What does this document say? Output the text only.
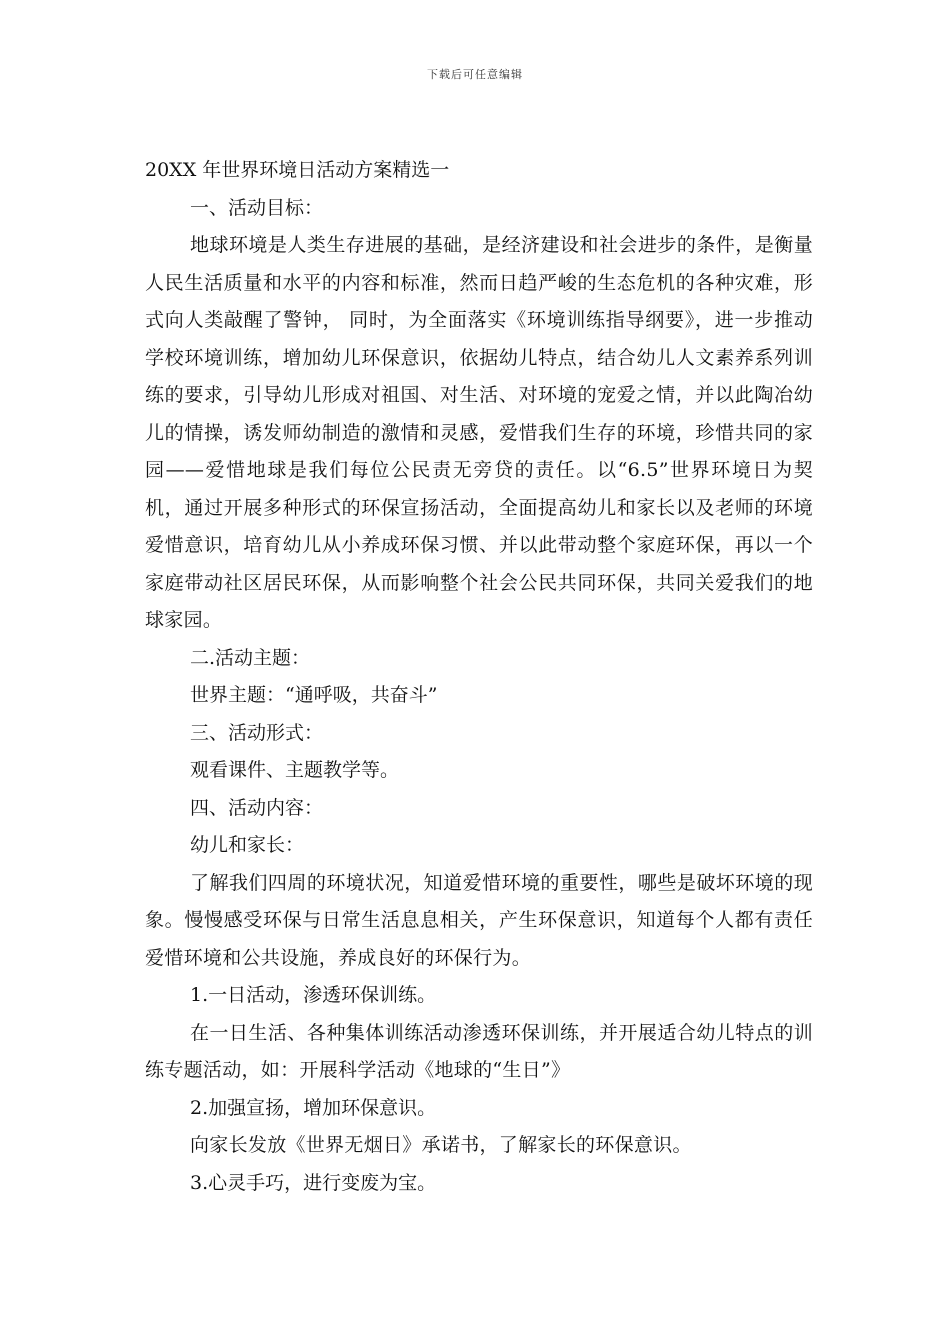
下载后可任意编辑

20XX 年世界环境日活动方案精选一

一、活动目标：

地球环境是人类生存进展的基础，是经济建设和社会进步的条件，是衡量人民生活质量和水平的内容和标准，然而日趋严峻的生态危机的各种灾难，形式向人类敲醒了警钟， 同时，为全面落实《环境训练指导纲要》，进一步推动学校环境训练，增加幼儿环保意识，依据幼儿特点，结合幼儿人文素养系列训练的要求，引导幼儿形成对祖国、对生活、对环境的宠爱之情，并以此陶冶幼儿的情操，诱发师幼制造的激情和灵感，爱惜我们生存的环境，珍惜共同的家园——爱惜地球是我们每位公民责无旁贷的责任。以“6.5”世界环境日为契机，通过开展多种形式的环保宣扬活动，全面提高幼儿和家长以及老师的环境爱惜意识，培育幼儿从小养成环保习惯、并以此带动整个家庭环保，再以一个家庭带动社区居民环保，从而影响整个社会公民共同环保，共同关爱我们的地球家园。

二.活动主题：

世界主题：“通呼吸，共奋斗”

三、活动形式：

观看课件、主题教学等。

四、活动内容：

幼儿和家长：

了解我们四周的环境状况，知道爱惜环境的重要性，哪些是破坏环境的现象。慢慢感受环保与日常生活息息相关，产生环保意识，知道每个人都有责任爱惜环境和公共设施，养成良好的环保行为。

1.一日活动，渗透环保训练。

在一日生活、各种集体训练活动渗透环保训练，并开展适合幼儿特点的训练专题活动，如：开展科学活动《地球的“生日”》

2.加强宣扬，增加环保意识。

向家长发放《世界无烟日》承诺书，了解家长的环保意识。

3.心灵手巧，进行变废为宝。
